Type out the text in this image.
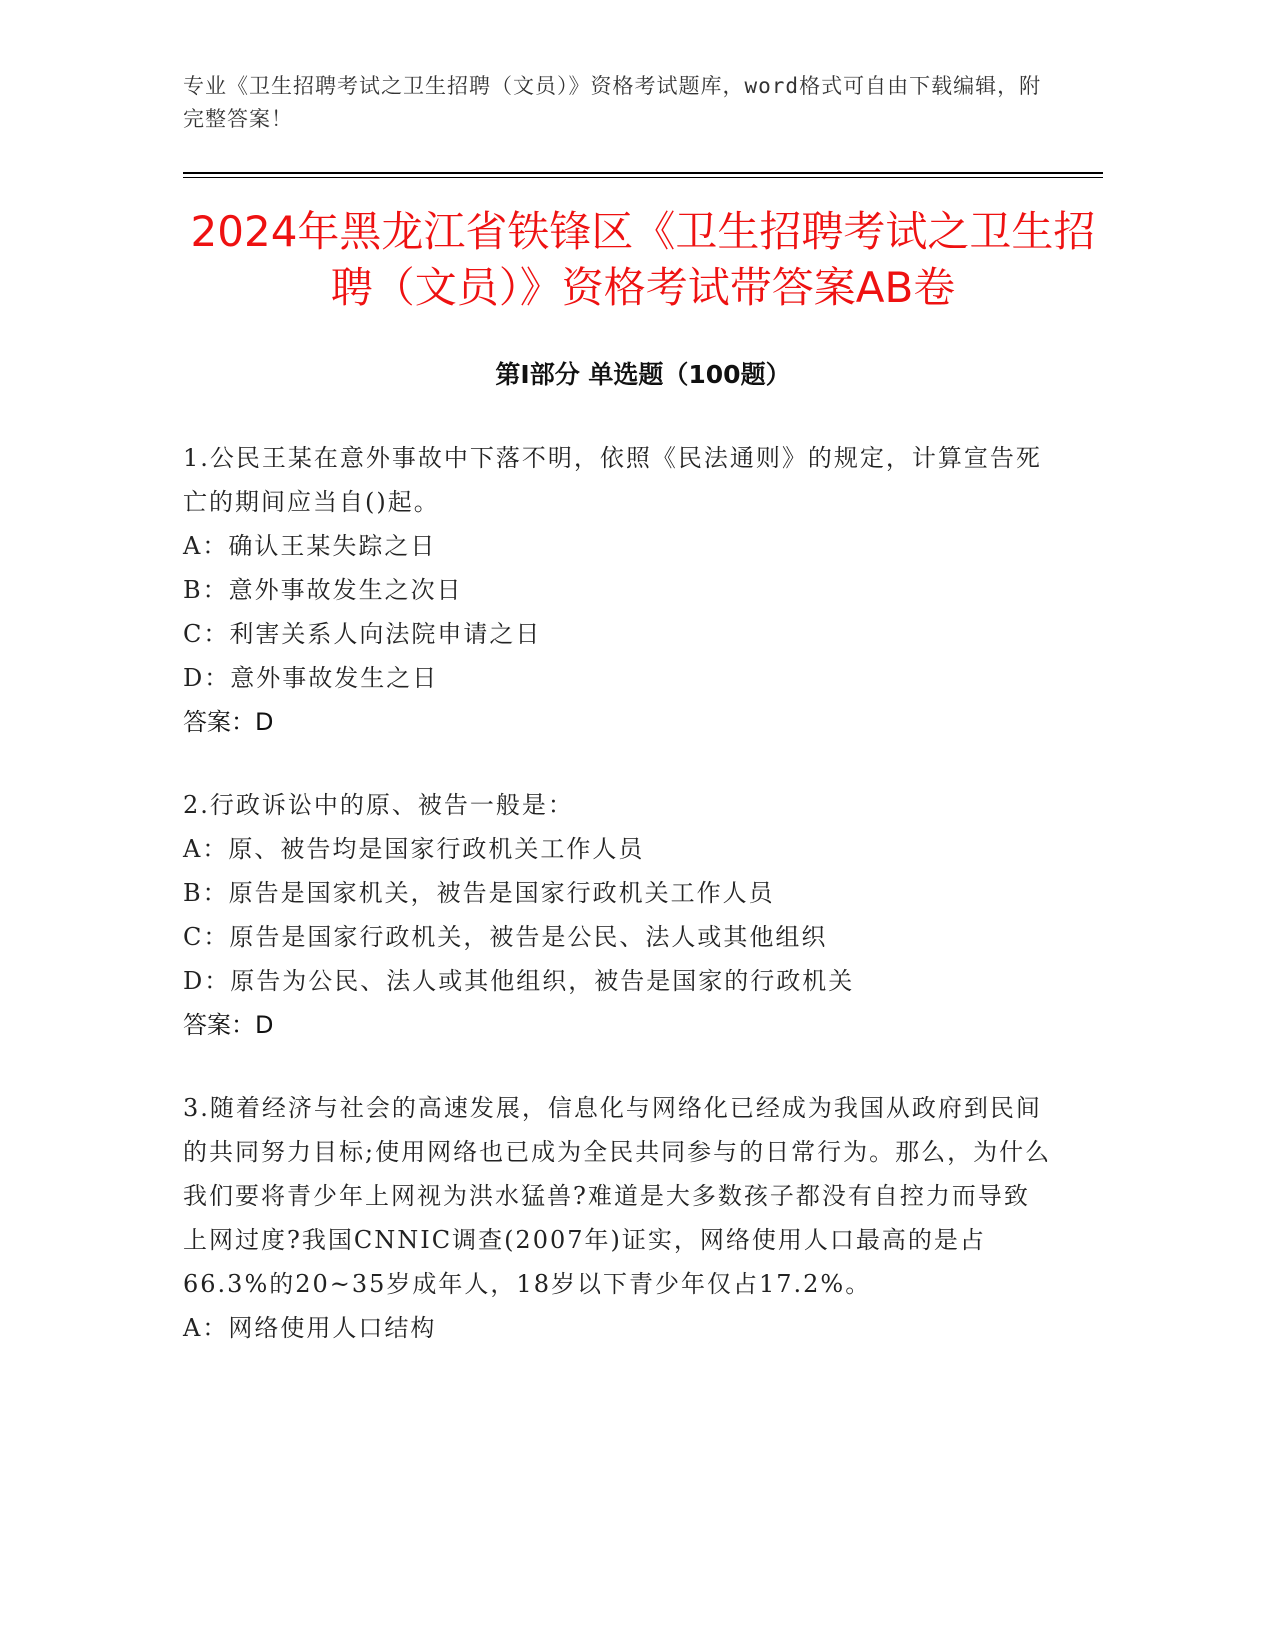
专业《卫生招聘考试之卫生招聘（文员）》资格考试题库，word格式可自由下载编辑，附完整答案！

2024年黑龙江省铁锋区《卫生招聘考试之卫生招聘（文员）》资格考试带答案AB卷
第Ⅰ部分 单选题（100题）

1.公民王某在意外事故中下落不明，依照《民法通则》的规定，计算宣告死亡的期间应当自()起。

A：确认王某失踪之日

B：意外事故发生之次日

C：利害关系人向法院申请之日

D：意外事故发生之日

答案：D

2.行政诉讼中的原、被告一般是：

A：原、被告均是国家行政机关工作人员

B：原告是国家机关，被告是国家行政机关工作人员

C：原告是国家行政机关，被告是公民、法人或其他组织

D：原告为公民、法人或其他组织，被告是国家的行政机关

答案：D

3.随着经济与社会的高速发展，信息化与网络化已经成为我国从政府到民间的共同努力目标;使用网络也已成为全民共同参与的日常行为。那么，为什么我们要将青少年上网视为洪水猛兽?难道是大多数孩子都没有自控力而导致上网过度?我国CNNIC调查(2007年)证实，网络使用人口最高的是占66.3%的20~35岁成年人，18岁以下青少年仅占17.2%。

A：网络使用人口结构
